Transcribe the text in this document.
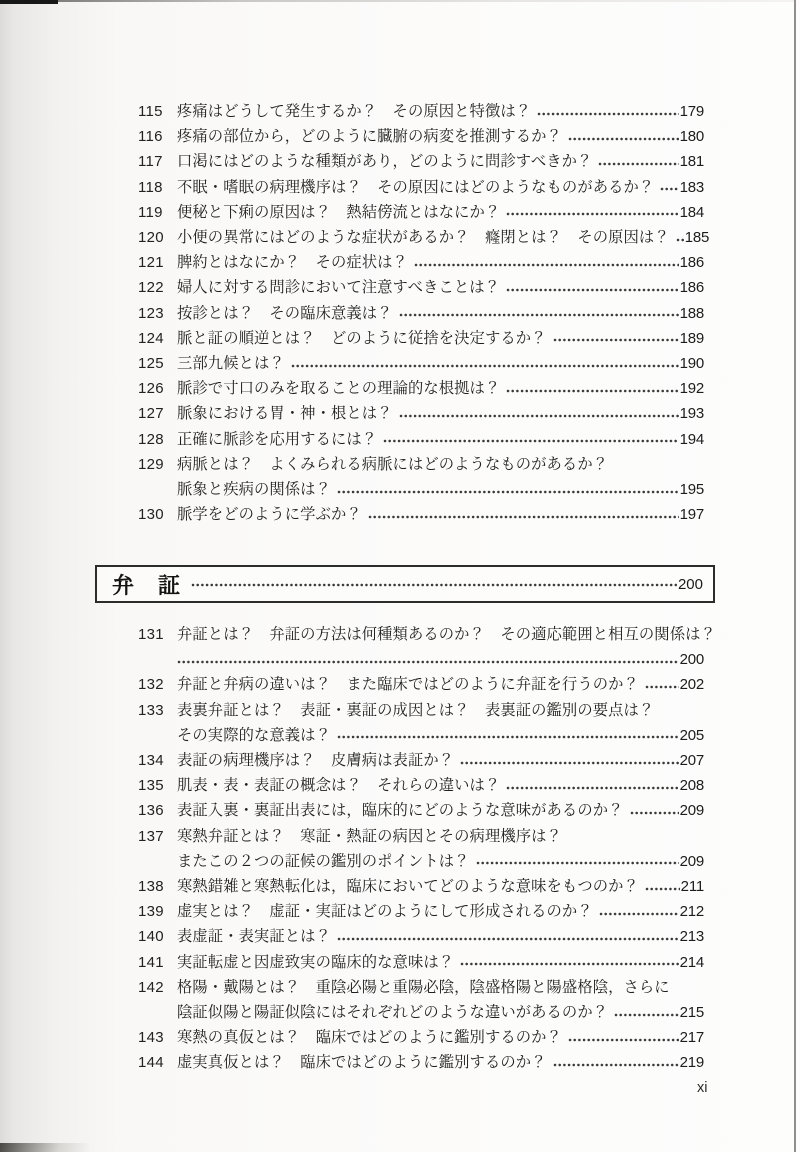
115 疼痛はどうして発生するか？　その原因と特徴は？	179
116 疼痛の部位から，どのように臓腑の病変を推測するか？	180
117 口渇にはどのような種類があり，どのように問診すべきか？	181
118 不眠・嗜眠の病理機序は？　その原因にはどのようなものがあるか？ 183
119 便秘と下痢の原因は？　熱結傍流とはなにか？	184
120 小便の異常にはどのような症状があるか？　癃閉とは？　その原因は？ 185
121 脾約とはなにか？　その症状は？	186
122 婦人に対する問診において注意すべきことは？	186
123 按診とは？　その臨床意義は？	188
124 脈と証の順逆とは？　どのように従捨を決定するか？	189
125 三部九候とは？	190
126 脈診で寸口のみを取ることの理論的な根拠は？	192
127 脈象における胃・神・根とは？	193
128 正確に脈診を応用するには？	194
129 病脈とは？　よくみられる病脈にはどのようなものがあるか？
脈象と疾病の関係は？	195
130 脈学をどのように学ぶか？	197
弁　証	200
131 弁証とは？　弁証の方法は何種類あるのか？　その適応範囲と相互の関係は？
200
132 弁証と弁病の違いは？　また臨床ではどのように弁証を行うのか？	202
133 表裏弁証とは？　表証・裏証の成因とは？　表裏証の鑑別の要点は？
その実際的な意義は？	205
134 表証の病理機序は？　皮膚病は表証か？	207
135 肌表・表・表証の概念は？　それらの違いは？	208
136 表証入裏・裏証出表には，臨床的にどのような意味があるのか？	209
137 寒熱弁証とは？　寒証・熱証の病因とその病理機序は？
またこの２つの証候の鑑別のポイントは？	209
138 寒熱錯雑と寒熱転化は，臨床においてどのような意味をもつのか？	211
139 虚実とは？　虚証・実証はどのようにして形成されるのか？	212
140 表虚証・表実証とは？	213
141 実証転虚と因虚致実の臨床的な意味は？	214
142 格陽・戴陽とは？　重陰必陽と重陽必陰，陰盛格陽と陽盛格陰，さらに
陰証似陽と陽証似陰にはそれぞれどのような違いがあるのか？	215
143 寒熱の真仮とは？　臨床ではどのように鑑別するのか？	217
144 虚実真仮とは？　臨床ではどのように鑑別するのか？	219
xi
